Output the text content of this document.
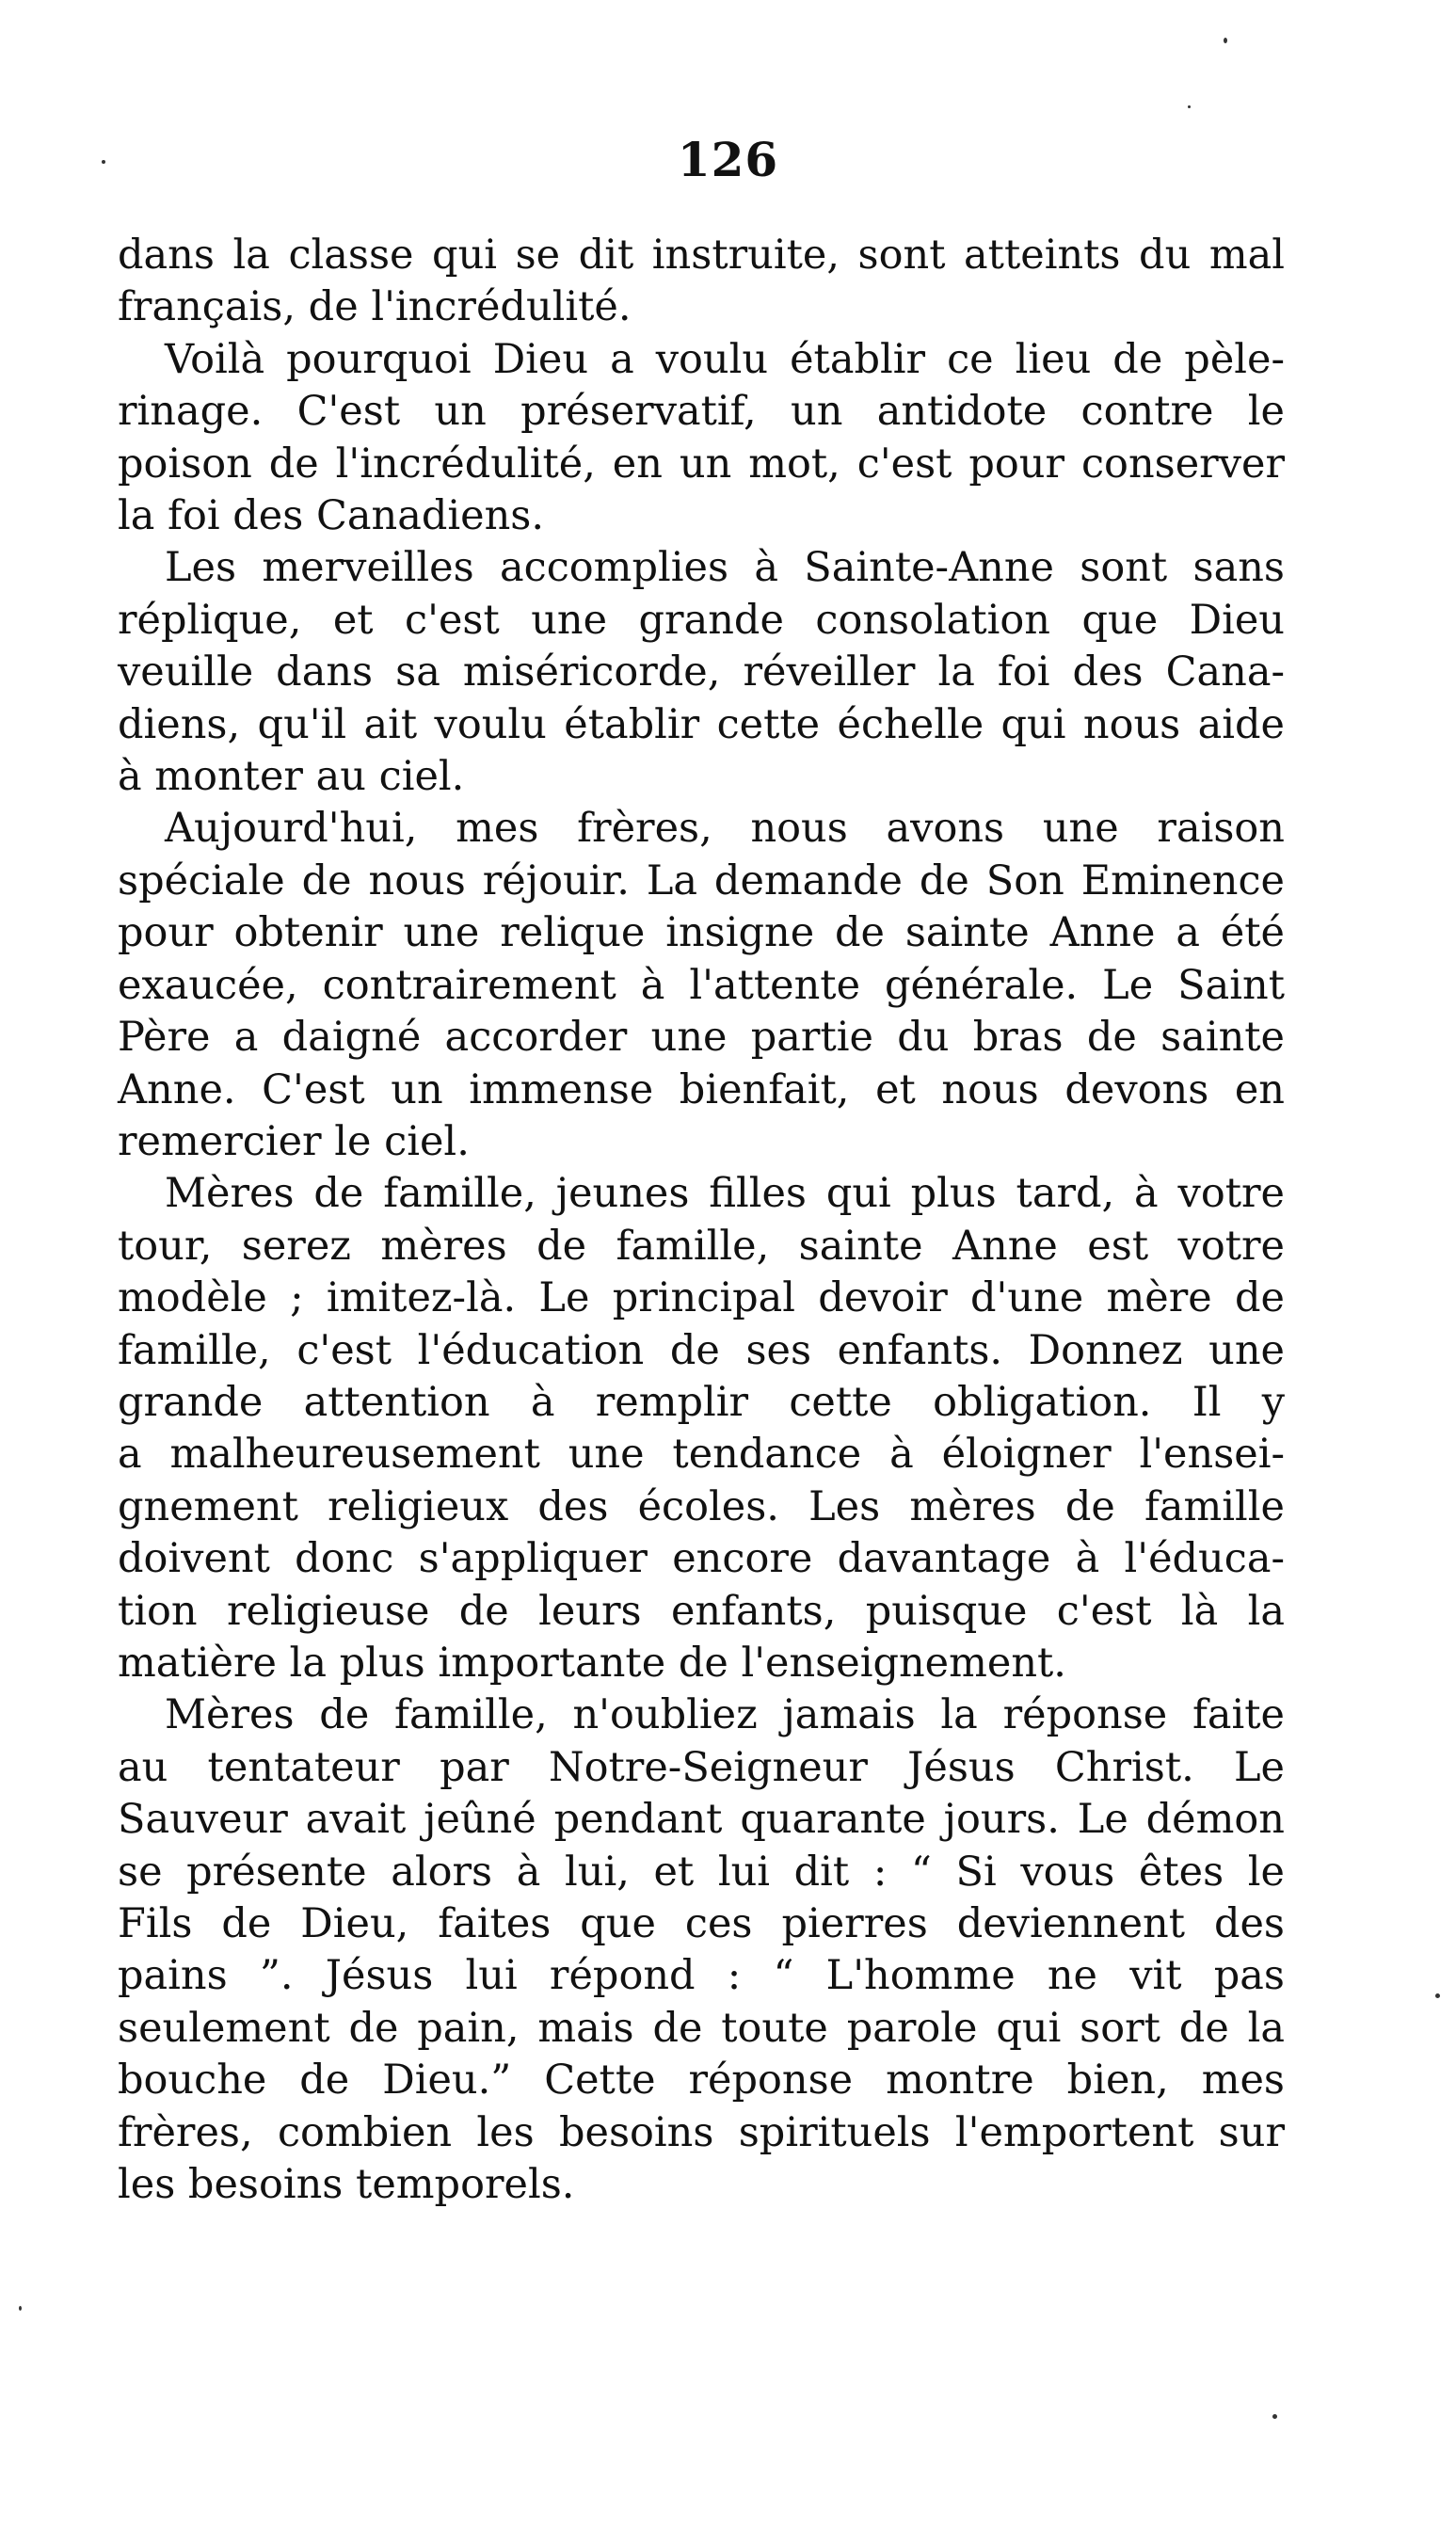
126
dans la classe qui se dit instruite, sont atteints du mal
français, de l'incrédulité.
Voilà pourquoi Dieu a voulu établir ce lieu de pèle-
rinage. C'est un préservatif, un antidote contre le
poison de l'incrédulité, en un mot, c'est pour conserver
la foi des Canadiens.
Les merveilles accomplies à Sainte-Anne sont sans
réplique, et c'est une grande consolation que Dieu
veuille dans sa miséricorde, réveiller la foi des Cana-
diens, qu'il ait voulu établir cette échelle qui nous aide
à monter au ciel.
Aujourd'hui, mes frères, nous avons une raison
spéciale de nous réjouir. La demande de Son Eminence
pour obtenir une relique insigne de sainte Anne a été
exaucée, contrairement à l'attente générale. Le Saint
Père a daigné accorder une partie du bras de sainte
Anne. C'est un immense bienfait, et nous devons en
remercier le ciel.
Mères de famille, jeunes filles qui plus tard, à votre
tour, serez mères de famille, sainte Anne est votre
modèle ; imitez-là. Le principal devoir d'une mère de
famille, c'est l'éducation de ses enfants. Donnez une
grande attention à remplir cette obligation. Il y
a malheureusement une tendance à éloigner l'ensei-
gnement religieux des écoles. Les mères de famille
doivent donc s'appliquer encore davantage à l'éduca-
tion religieuse de leurs enfants, puisque c'est là la
matière la plus importante de l'enseignement.
Mères de famille, n'oubliez jamais la réponse faite
au tentateur par Notre-Seigneur Jésus Christ. Le
Sauveur avait jeûné pendant quarante jours. Le démon
se présente alors à lui, et lui dit : “ Si vous êtes le
Fils de Dieu, faites que ces pierres deviennent des
pains ”. Jésus lui répond : “ L'homme ne vit pas
seulement de pain, mais de toute parole qui sort de la
bouche de Dieu.” Cette réponse montre bien, mes
frères, combien les besoins spirituels l'emportent sur
les besoins temporels.
